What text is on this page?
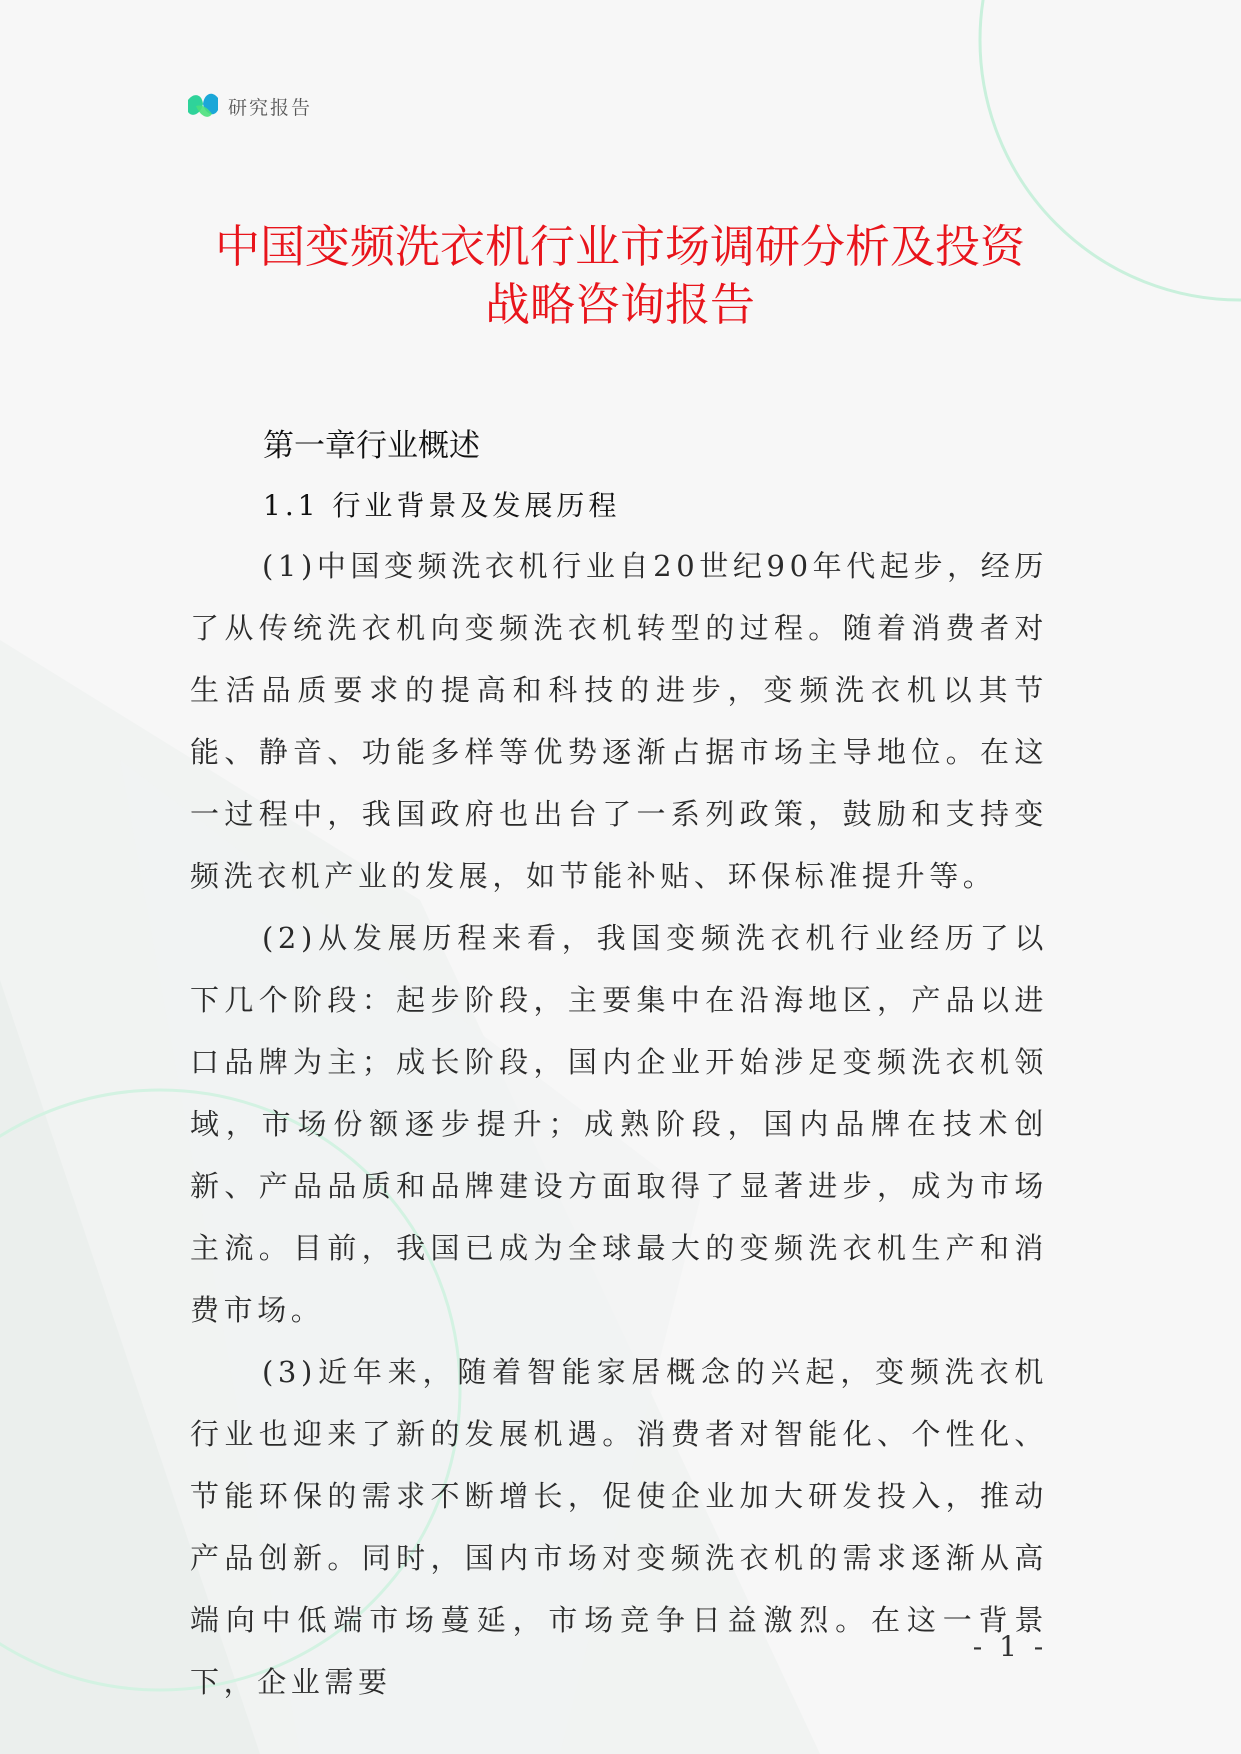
研究报告
中国变频洗衣机行业市场调研分析及投资
战略咨询报告
第一章行业概述
1.1 行业背景及发展历程

(1)中国变频洗衣机行业自20世纪90年代起步，经历了从传统洗衣机向变频洗衣机转型的过程。随着消费者对生活品质要求的提高和科技的进步，变频洗衣机以其节能、静音、功能多样等优势逐渐占据市场主导地位。在这一过程中，我国政府也出台了一系列政策，鼓励和支持变频洗衣机产业的发展，如节能补贴、环保标准提升等。

(2)从发展历程来看，我国变频洗衣机行业经历了以下几个阶段：起步阶段，主要集中在沿海地区，产品以进口品牌为主；成长阶段，国内企业开始涉足变频洗衣机领域，市场份额逐步提升；成熟阶段，国内品牌在技术创新、产品品质和品牌建设方面取得了显著进步，成为市场主流。目前，我国已成为全球最大的变频洗衣机生产和消费市场。

(3)近年来，随着智能家居概念的兴起，变频洗衣机行业也迎来了新的发展机遇。消费者对智能化、个性化、节能环保的需求不断增长，促使企业加大研发投入，推动产品创新。同时，国内市场对变频洗衣机的需求逐渐从高端向中低端市场蔓延，市场竞争日益激烈。在这一背景下，企业需要

- 1 -
